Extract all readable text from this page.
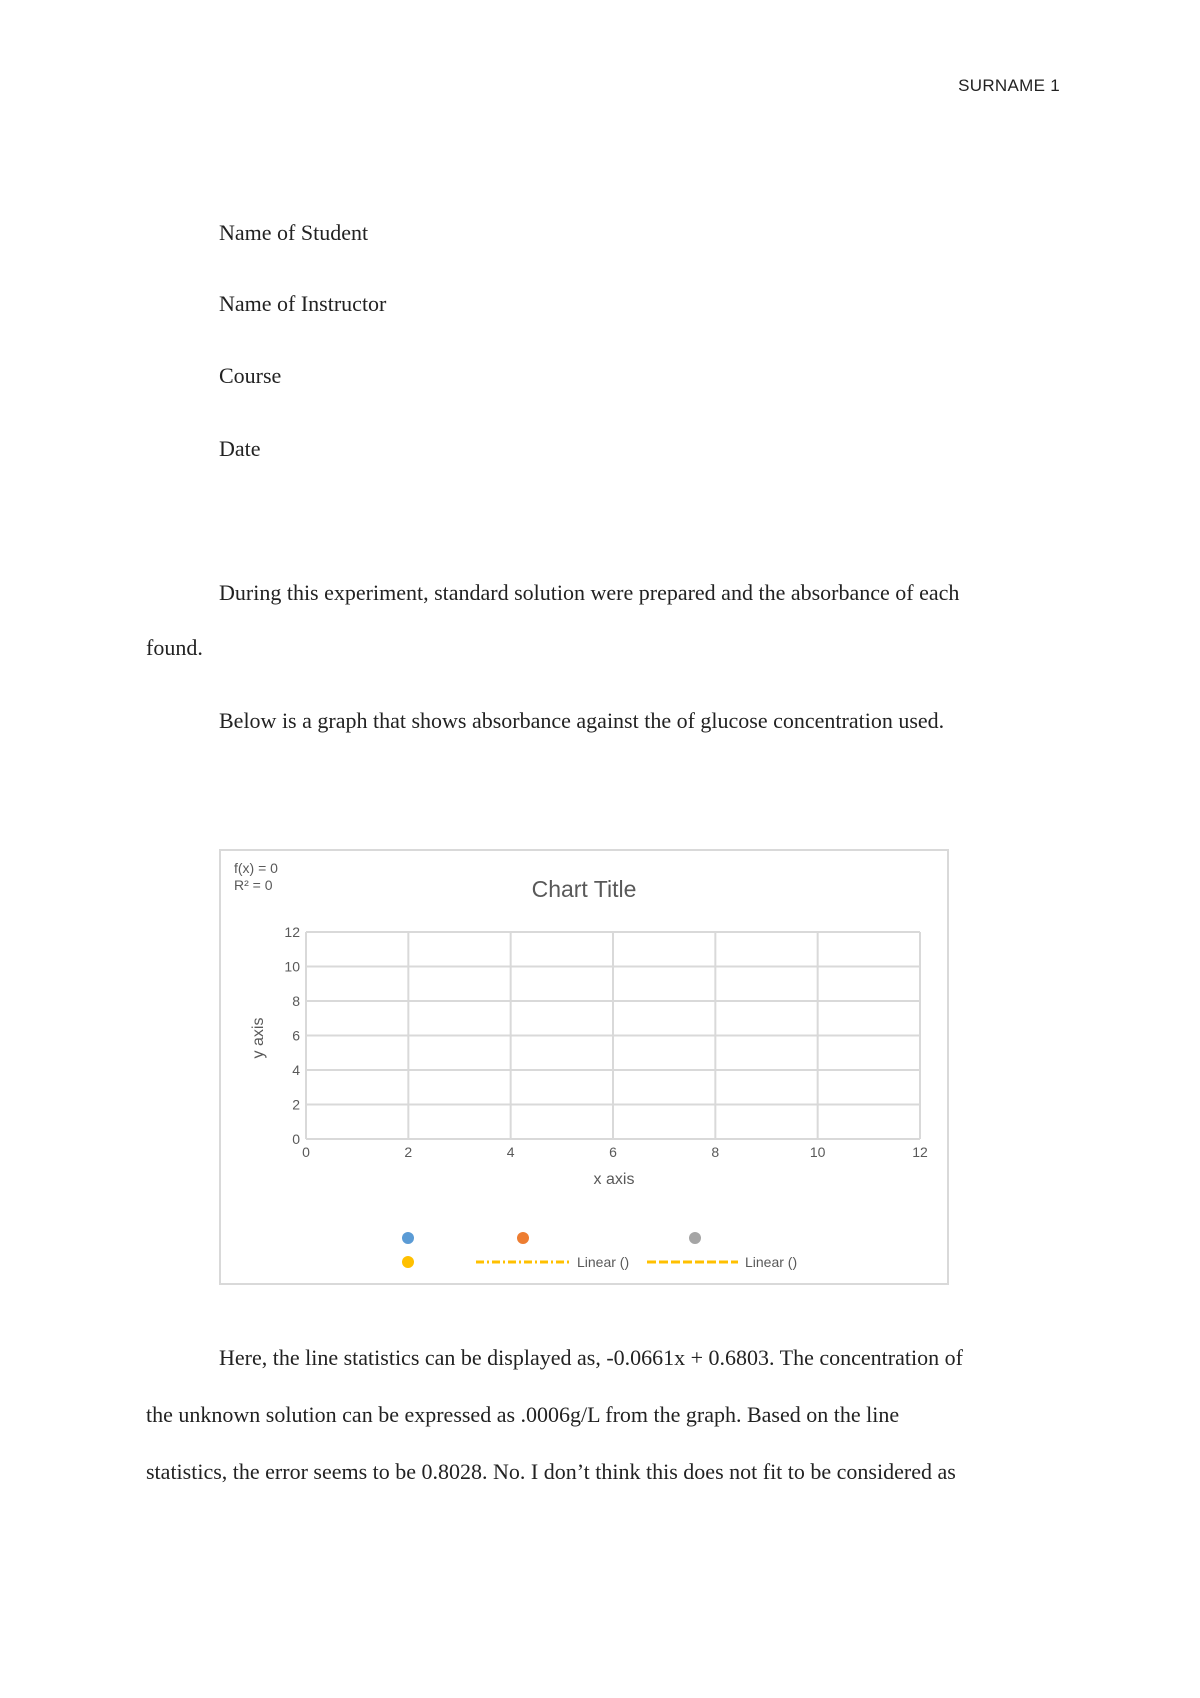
SURNAME 1
Name of Student
Name of Instructor
Course
Date
During this experiment, standard solution were prepared and the absorbance of each
found.
Below is a graph that shows absorbance against the of glucose concentration used.
Chart Title
f(x) = 0
R² = 0
0
2
4
6
8
10
12
0	2	4	6	8	10	12
x axis
y axis
Linear ()	Linear ()
Here, the line statistics can be displayed as, -0.0661x + 0.6803. The concentration of
the unknown solution can be expressed as .0006g/L from the graph. Based on the line
statistics, the error seems to be 0.8028. No. I don’t think this does not fit to be considered as
